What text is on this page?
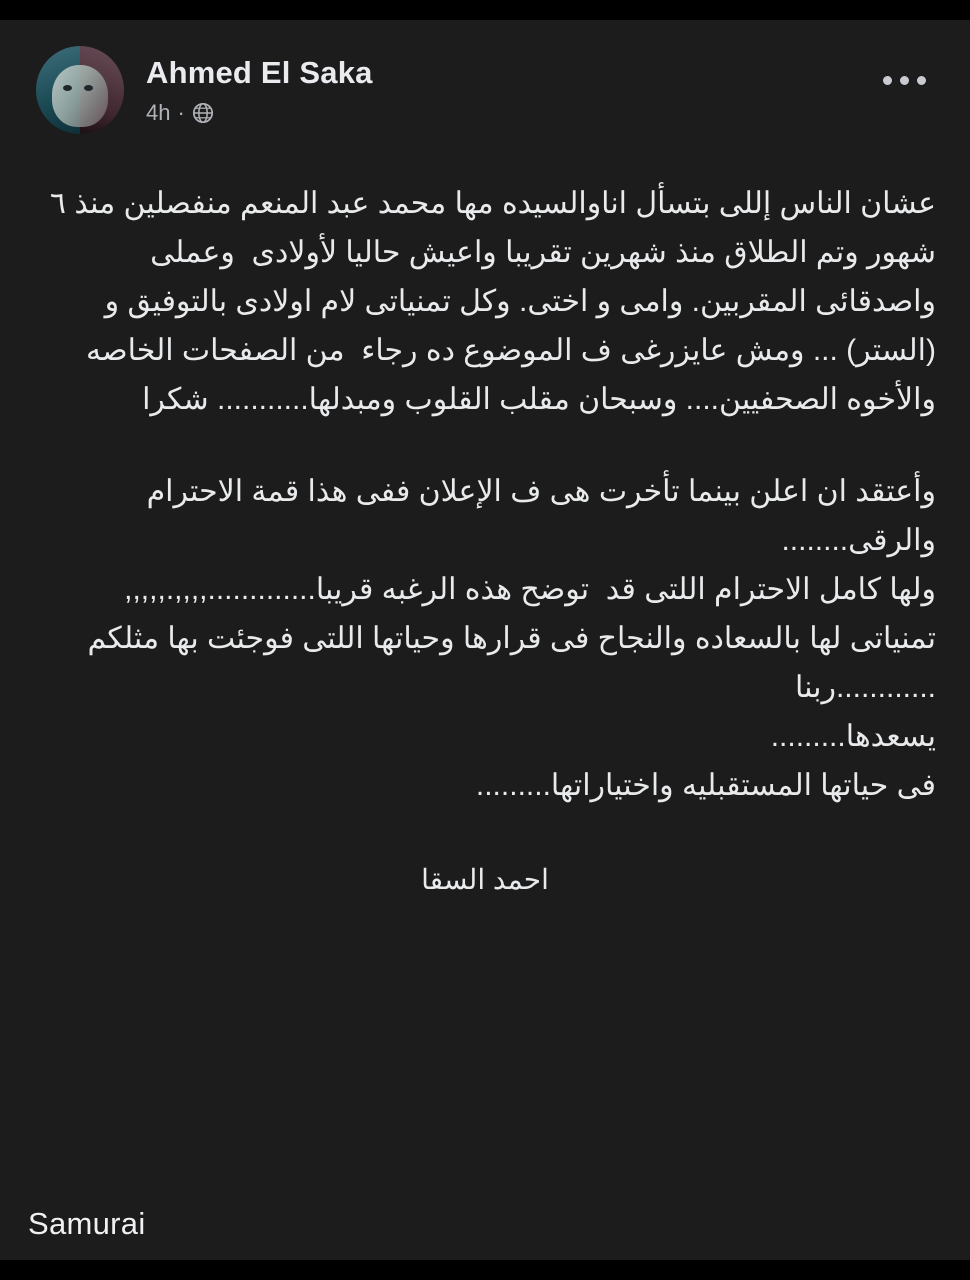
Ahmed El Saka
4h ·

عشان الناس إللى بتسأل اناوالسيده مها محمد عبد المنعم منفصلين منذ ٦ شهور وتم الطلاق منذ شهرين تقريبا واعيش حاليا لأولادى  وعملى  واصدقائى المقربين. وامى و اختى. وكل تمنياتى لام اولادى بالتوفيق و (الستر) ... ومش عايزرغى ف الموضوع ده رجاء  من الصفحات الخاصه والأخوه الصحفيين.... وسبحان مقلب القلوب ومبدلها........... شكرا

وأعتقد ان اعلن بينما تأخرت هى ف الإعلان ففى هذا قمة الاحترام والرقى........

ولها كامل الاحترام اللتى قد  توضح هذه الرغبه قريبا.............,,,,.,,,,,

تمنياتى لها بالسعاده والنجاح فى قرارها وحياتها اللتى فوجئت بها مثلكم ............ربنا

يسعدها.........

فى حياتها المستقبليه واختياراتها.........

احمد السقا
Samurai
